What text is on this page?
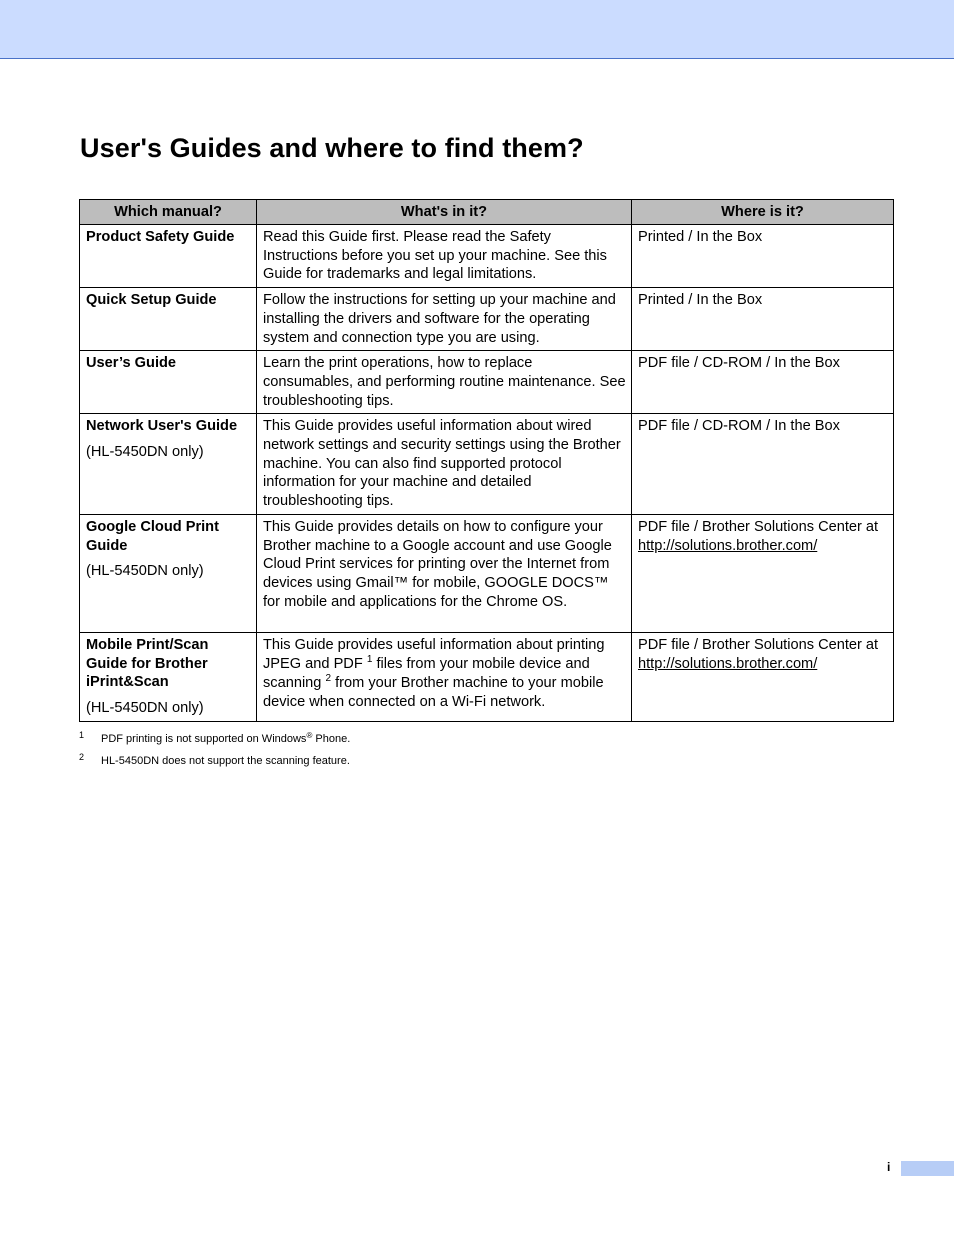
User's Guides and where to find them?
Which manual?	What's in it?	Where is it?

Product Safety Guide	Read this Guide first. Please read the Safety Instructions before you set up your machine. See this Guide for trademarks and legal limitations.	Printed / In the Box

Quick Setup Guide	Follow the instructions for setting up your machine and installing the drivers and software for the operating system and connection type you are using.	Printed / In the Box

User’s Guide	Learn the print operations, how to replace consumables, and performing routine maintenance. See troubleshooting tips.	PDF file / CD-ROM / In the Box

Network User's Guide
(HL-5450DN only)	This Guide provides useful information about wired network settings and security settings using the Brother machine. You can also find supported protocol information for your machine and detailed troubleshooting tips.	PDF file / CD-ROM / In the Box

Google Cloud Print Guide
(HL-5450DN only)	This Guide provides details on how to configure your Brother machine to a Google account and use Google Cloud Print services for printing over the Internet from devices using Gmail™ for mobile, GOOGLE DOCS™ for mobile and applications for the Chrome OS.	PDF file / Brother Solutions Center at http://solutions.brother.com/

Mobile Print/Scan Guide for Brother iPrint&Scan
(HL-5450DN only)	This Guide provides useful information about printing JPEG and PDF $^1$ files from your mobile device and scanning $^2$ from your Brother machine to your mobile device when connected on a Wi-Fi network.	PDF file / Brother Solutions Center at http://solutions.brother.com/
1 PDF printing is not supported on Windows® Phone.
2 HL-5450DN does not support the scanning feature.
i
